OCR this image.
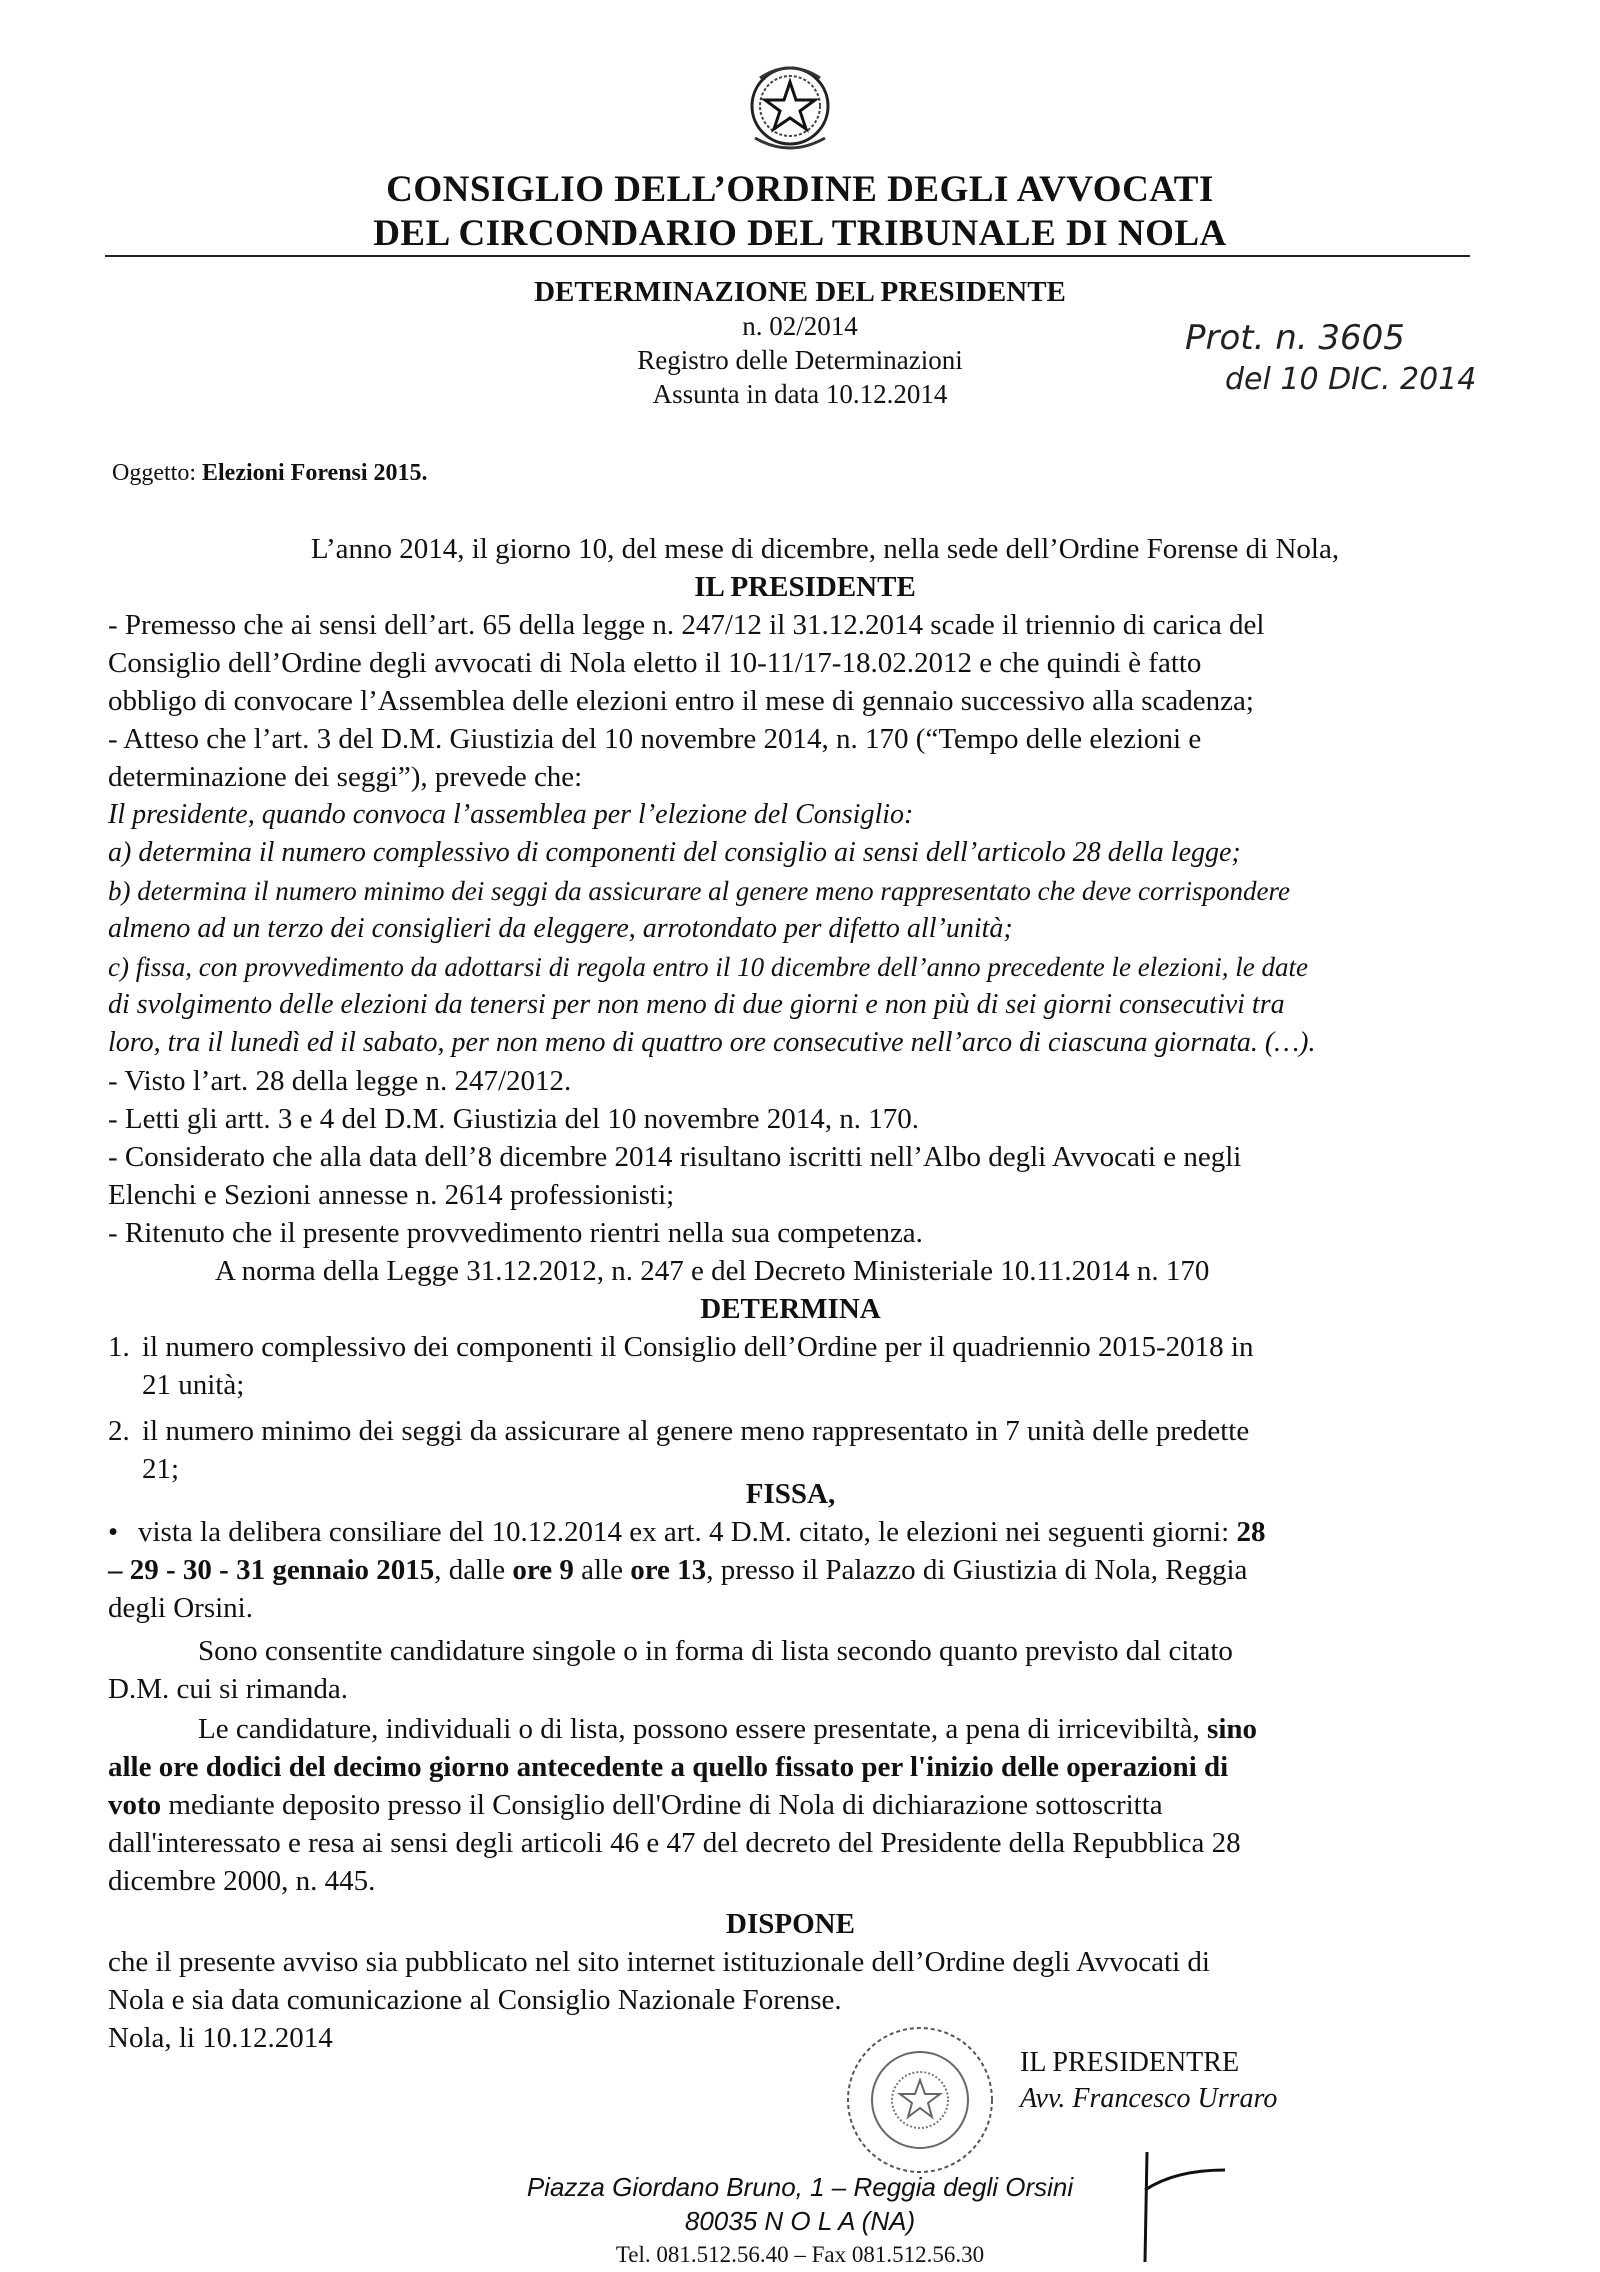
CONSIGLIO DELL’ORDINE DEGLI AVVOCATI
DEL CIRCONDARIO DEL TRIBUNALE DI NOLA
DETERMINAZIONE DEL PRESIDENTE
n. 02/2014
Registro delle Determinazioni
Assunta in data 10.12.2014
Prot. n. 3605
del 10 DIC. 2014
Oggetto: Elezioni Forensi 2015.
L’anno 2014, il giorno 10, del mese di dicembre, nella sede dell’Ordine Forense di Nola,
IL PRESIDENTE
- Premesso che ai sensi dell’art. 65 della legge n. 247/12 il 31.12.2014 scade il triennio di carica del
Consiglio dell’Ordine degli avvocati di Nola eletto il 10-11/17-18.02.2012 e che quindi è fatto
obbligo di convocare l’Assemblea delle elezioni entro il mese di gennaio successivo alla scadenza;
- Atteso che l’art. 3 del D.M. Giustizia del 10 novembre 2014, n. 170 (“Tempo delle elezioni e
determinazione dei seggi”), prevede che:
Il presidente, quando convoca l’assemblea per l’elezione del Consiglio:
a) determina il numero complessivo di componenti del consiglio ai sensi dell’articolo 28 della legge;
b) determina il numero minimo dei seggi da assicurare al genere meno rappresentato che deve corrispondere
almeno ad un terzo dei consiglieri da eleggere, arrotondato per difetto all’unità;
c) fissa, con provvedimento da adottarsi di regola entro il 10 dicembre dell’anno precedente le elezioni, le date
di svolgimento delle elezioni da tenersi per non meno di due giorni e non più di sei giorni consecutivi tra
loro, tra il lunedì ed il sabato, per non meno di quattro ore consecutive nell’arco di ciascuna giornata. (…).
- Visto l’art. 28 della legge n. 247/2012.
- Letti gli artt. 3 e 4 del D.M. Giustizia del 10 novembre 2014, n. 170.
- Considerato che alla data dell’8 dicembre 2014 risultano iscritti nell’Albo degli Avvocati e negli
Elenchi e Sezioni annesse n. 2614 professionisti;
- Ritenuto che il presente provvedimento rientri nella sua competenza.
A norma della Legge 31.12.2012, n. 247 e del Decreto Ministeriale 10.11.2014 n. 170
DETERMINA
1. il numero complessivo dei componenti il Consiglio dell’Ordine per il quadriennio 2015-2018 in
21 unità;
2. il numero minimo dei seggi da assicurare al genere meno rappresentato in 7 unità delle predette
21;
FISSA,
• vista la delibera consiliare del 10.12.2014 ex art. 4 D.M. citato, le elezioni nei seguenti giorni: 28
– 29 - 30 - 31 gennaio 2015, dalle ore 9 alle ore 13, presso il Palazzo di Giustizia di Nola, Reggia
degli Orsini.
Sono consentite candidature singole o in forma di lista secondo quanto previsto dal citato
D.M. cui si rimanda.
Le candidature, individuali o di lista, possono essere presentate, a pena di irricevibiltà, sino
alle ore dodici del decimo giorno antecedente a quello fissato per l'inizio delle operazioni di
voto mediante deposito presso il Consiglio dell'Ordine di Nola di dichiarazione sottoscritta
dall'interessato e resa ai sensi degli articoli 46 e 47 del decreto del Presidente della Repubblica 28
dicembre 2000, n. 445.
DISPONE
che il presente avviso sia pubblicato nel sito internet istituzionale dell’Ordine degli Avvocati di
Nola e sia data comunicazione al Consiglio Nazionale Forense.
Nola, li 10.12.2014
IL PRESIDENTRE
Avv. Francesco Urraro
Piazza Giordano Bruno, 1 – Reggia degli Orsini
80035 N O L A (NA)
Tel. 081.512.56.40 – Fax 081.512.56.30
